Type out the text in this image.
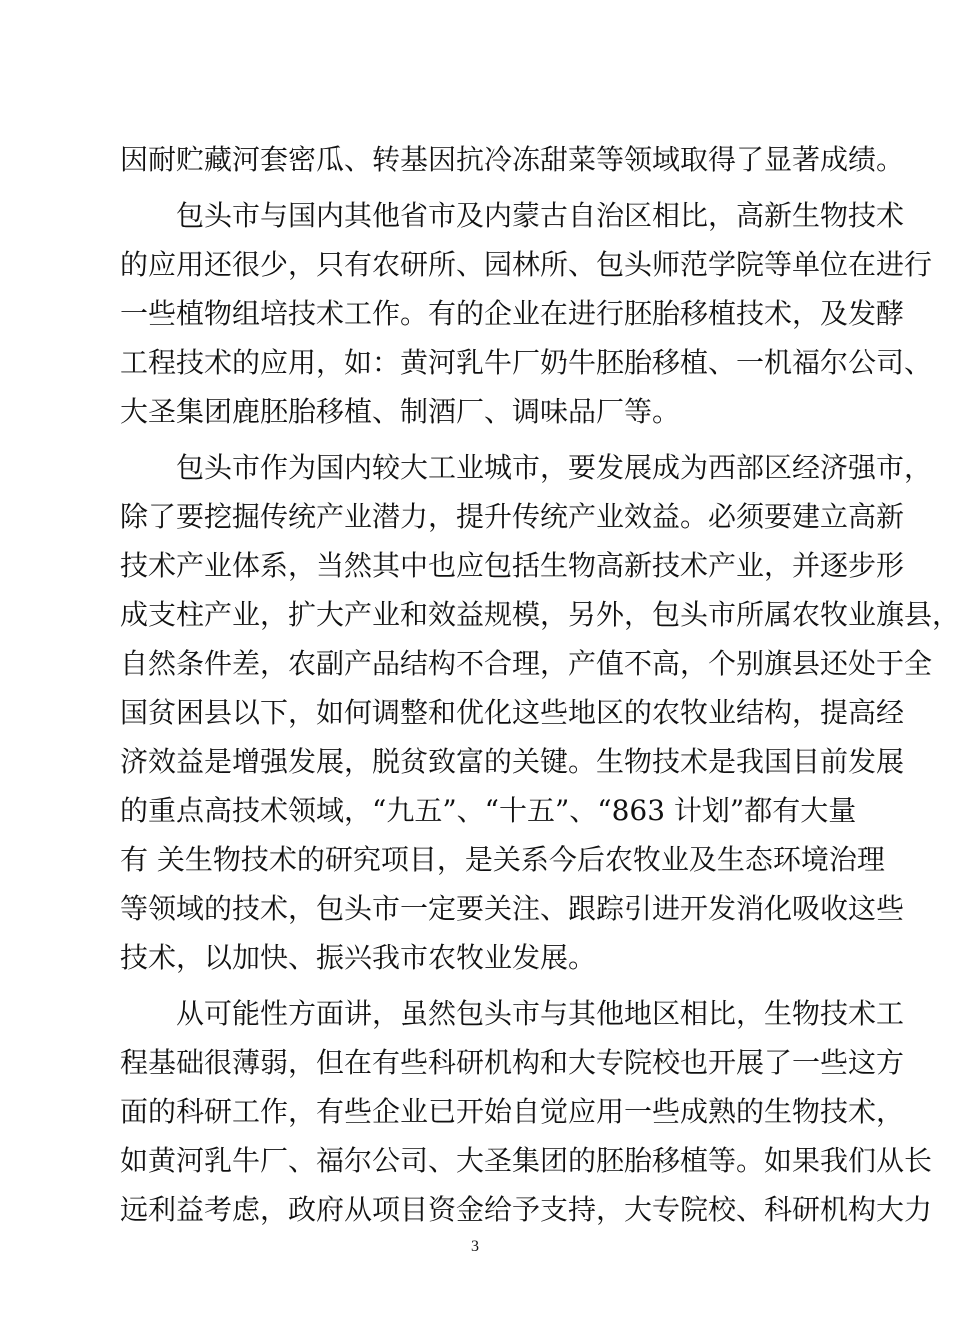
因耐贮藏河套密瓜、转基因抗冷冻甜菜等领域取得了显著成绩。
包头市与国内其他省市及内蒙古自治区相比，高新生物技术
的应用还很少，只有农研所、园林所、包头师范学院等单位在进行
一些植物组培技术工作。有的企业在进行胚胎移植技术，及发酵
工程技术的应用，如：黄河乳牛厂奶牛胚胎移植、一机福尔公司、
大圣集团鹿胚胎移植、制酒厂、调味品厂等。
包头市作为国内较大工业城市，要发展成为西部区经济强市，
除了要挖掘传统产业潜力，提升传统产业效益。必须要建立高新
技术产业体系，当然其中也应包括生物高新技术产业，并逐步形
成支柱产业，扩大产业和效益规模，另外，包头市所属农牧业旗县，
自然条件差，农副产品结构不合理，产值不高，个别旗县还处于全
国贫困县以下，如何调整和优化这些地区的农牧业结构，提高经
济效益是增强发展，脱贫致富的关键。生物技术是我国目前发展
的重点高技术领域，“九五”、“十五”、“863 计划”都有大量
有 关生物技术的研究项目，是关系今后农牧业及生态环境治理
等领域的技术，包头市一定要关注、跟踪引进开发消化吸收这些
技术，以加快、振兴我市农牧业发展。
从可能性方面讲，虽然包头市与其他地区相比，生物技术工
程基础很薄弱，但在有些科研机构和大专院校也开展了一些这方
面的科研工作，有些企业已开始自觉应用一些成熟的生物技术，
如黄河乳牛厂、福尔公司、大圣集团的胚胎移植等。如果我们从长
远利益考虑，政府从项目资金给予支持，大专院校、科研机构大力
3
